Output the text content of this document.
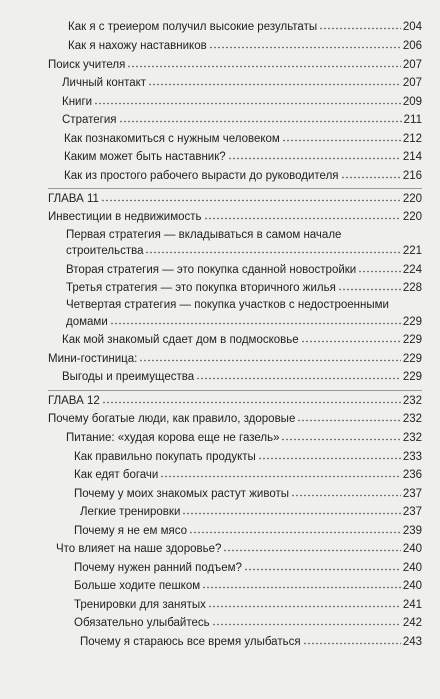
Как я с треиером получил высокие результаты	204
Как я нахожу наставников	206
Поиск учителя	207
Личный контакт	207
Книги	209
Стратегия	211
Как познакомиться с нужным человеком	212
Каким может быть наставник?	214
Как из простого рабочего вырасти до руководителя	216
ГЛАВА 11	220
Инвестиции в недвижимость	220
Первая стратегия — вкладываться в самом начале
строительства	221
Вторая стратегия — это покупка сданной новостройки	224
Третья стратегия — это покупка вторичного жилья	228
Четвертая стратегия — покупка участков с недостроенными
домами	229
Как мой знакомый сдает дом в подмосковье	229
Мини-гостиница:	229
Выгоды и преимущества	229
ГЛАВА 12	232
Почему богатые люди, как правило, здоровые	232
Питание: «худая корова еще не газель»	232
Как правильно покупать продукты	233
Как едят богачи	236
Почему у моих знакомых растут животы	237
Легкие тренировки	237
Почему я не ем мясо	239
Что влияет на наше здоровье?	240
Почему нужен ранний подъем?	240
Больше ходите пешком	240
Тренировки для занятых	241
Обязательно улыбайтесь	242
Почему я стараюсь все время улыбаться	243
